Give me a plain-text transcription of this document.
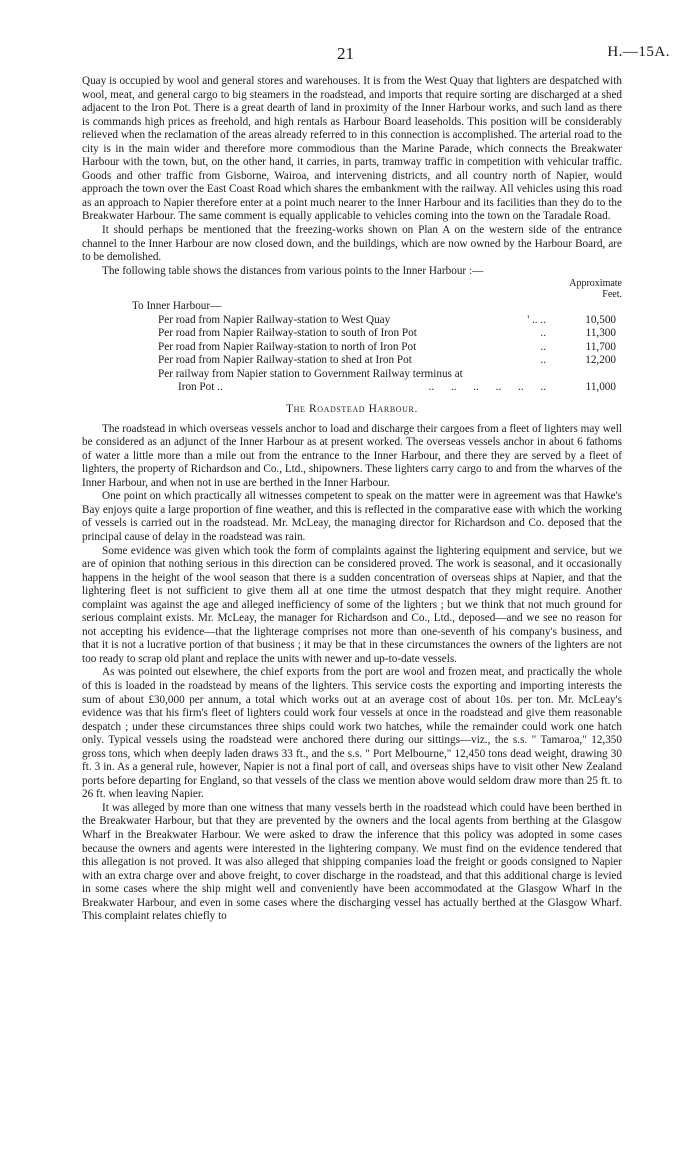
21	H.—15A.

Quay is occupied by wool and general stores and warehouses. It is from the West Quay that lighters are despatched with wool, meat, and general cargo to big steamers in the roadstead, and imports that require sorting are discharged at a shed adjacent to the Iron Pot. There is a great dearth of land in proximity of the Inner Harbour works, and such land as there is commands high prices as freehold, and high rentals as Harbour Board leaseholds. This position will be considerably relieved when the reclamation of the areas already referred to in this connection is accomplished. The arterial road to the city is in the main wider and therefore more commodious than the Marine Parade, which connects the Breakwater Harbour with the town, but, on the other hand, it carries, in parts, tramway traffic in competition with vehicular traffic. Goods and other traffic from Gisborne, Wairoa, and intervening districts, and all country north of Napier, would approach the town over the East Coast Road which shares the embankment with the railway. All vehicles using this road as an approach to Napier therefore enter at a point much nearer to the Inner Harbour and its facilities than they do to the Breakwater Harbour. The same comment is equally applicable to vehicles coming into the town on the Taradale Road.

It should perhaps be mentioned that the freezing-works shown on Plan A on the western side of the entrance channel to the Inner Harbour are now closed down, and the buildings, which are now owned by the Harbour Board, are to be demolished.

The following table shows the distances from various points to the Inner Harbour :—

		Approximate
Feet.

To Inner Harbour—		
Per road from Napier Railway-station to West Quay	' .. ..	10,500
Per road from Napier Railway-station to south of Iron Pot	..	11,300
Per road from Napier Railway-station to north of Iron Pot	..	11,700
Per road from Napier Railway-station to shed at Iron Pot	..	12,200
Per railway from Napier station to Government Railway terminus at		
Iron Pot ..	..      ..      ..      ..      ..      ..	11,000
The Roadstead Harbour.

The roadstead in which overseas vessels anchor to load and discharge their cargoes from a fleet of lighters may well be considered as an adjunct of the Inner Harbour as at present worked. The overseas vessels anchor in about 6 fathoms of water a little more than a mile out from the entrance to the Inner Harbour, and there they are served by a fleet of lighters, the property of Richardson and Co., Ltd., shipowners. These lighters carry cargo to and from the wharves of the Inner Harbour, and when not in use are berthed in the Inner Harbour.

One point on which practically all witnesses competent to speak on the matter were in agreement was that Hawke's Bay enjoys quite a large proportion of fine weather, and this is reflected in the comparative ease with which the working of vessels is carried out in the roadstead. Mr. McLeay, the managing director for Richardson and Co. deposed that the principal cause of delay in the roadstead was rain.

Some evidence was given which took the form of complaints against the lightering equipment and service, but we are of opinion that nothing serious in this direction can be considered proved. The work is seasonal, and it occasionally happens in the height of the wool season that there is a sudden concentration of overseas ships at Napier, and that the lightering fleet is not sufficient to give them all at one time the utmost despatch that they might require. Another complaint was against the age and alleged inefficiency of some of the lighters ; but we think that not much ground for serious complaint exists. Mr. McLeay, the manager for Richardson and Co., Ltd., deposed—and we see no reason for not accepting his evidence—that the lighterage comprises not more than one-seventh of his company's business, and that it is not a lucrative portion of that business ; it may be that in these circumstances the owners of the lighters are not too ready to scrap old plant and replace the units with newer and up-to-date vessels.

As was pointed out elsewhere, the chief exports from the port are wool and frozen meat, and practically the whole of this is loaded in the roadstead by means of the lighters. This service costs the exporting and importing interests the sum of about £30,000 per annum, a total which works out at an average cost of about 10s. per ton. Mr. McLeay's evidence was that his firm's fleet of lighters could work four vessels at once in the roadstead and give them reasonable despatch ; under these circumstances three ships could work two hatches, while the remainder could work one hatch only. Typical vessels using the roadstead were anchored there during our sittings—viz., the s.s. " Tamaroa," 12,350 gross tons, which when deeply laden draws 33 ft., and the s.s. " Port Melbourne," 12,450 tons dead weight, drawing 30 ft. 3 in. As a general rule, however, Napier is not a final port of call, and overseas ships have to visit other New Zealand ports before departing for England, so that vessels of the class we mention above would seldom draw more than 25 ft. to 26 ft. when leaving Napier.

It was alleged by more than one witness that many vessels berth in the roadstead which could have been berthed in the Breakwater Harbour, but that they are prevented by the owners and the local agents from berthing at the Glasgow Wharf in the Breakwater Harbour. We were asked to draw the inference that this policy was adopted in some cases because the owners and agents were interested in the lightering company. We must find on the evidence tendered that this allegation is not proved. It was also alleged that shipping companies load the freight or goods consigned to Napier with an extra charge over and above freight, to cover discharge in the roadstead, and that this additional charge is levied in some cases where the ship might well and conveniently have been accommodated at the Glasgow Wharf in the Breakwater Harbour, and even in some cases where the discharging vessel has actually berthed at the Glasgow Wharf. This complaint relates chiefly to
